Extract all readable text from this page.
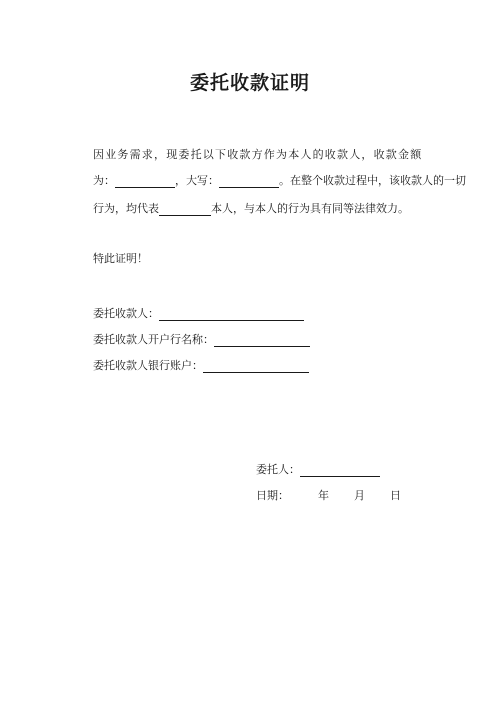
委托收款证明
因业务需求，现委托以下收款方作为本人的收款人，收款金额
为：	，大写：	。在整个收款过程中，该收款人的一切
行为，均代表	本人，与本人的行为具有同等法律效力。
特此证明！
委托收款人：
委托收款人开户行名称：
委托收款人银行账户：
委托人：
日期：	年 月 日
